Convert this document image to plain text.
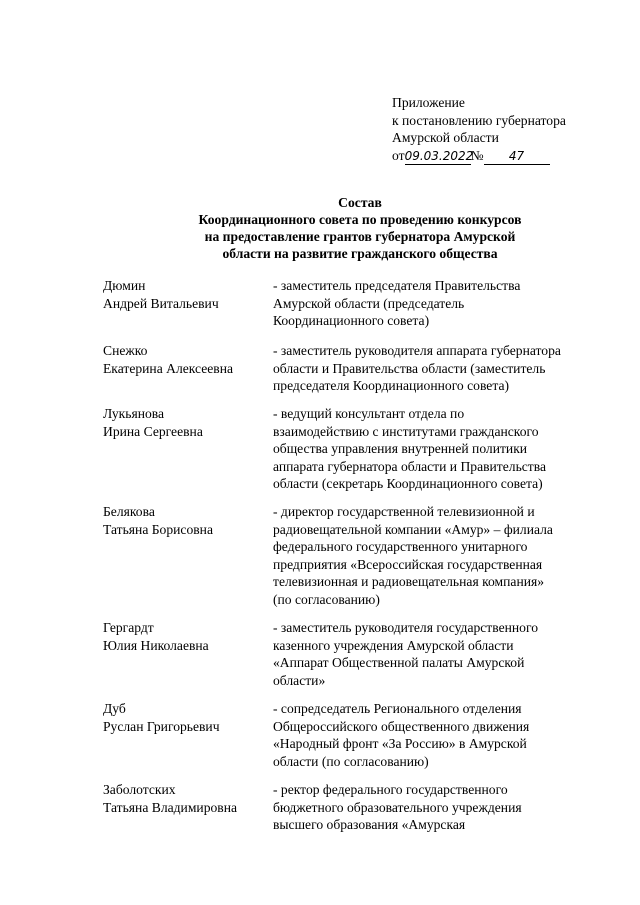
Приложение
к постановлению губернатора
Амурской области
от09.03.2022№ 47
Состав
Координационного совета по проведению конкурсов
на предоставление грантов губернатора Амурской
области на развитие гражданского общества
Дюмин
Андрей Витальевич
- заместитель председателя Правительства
Амурской области (председатель
Координационного совета)
Снежко
Екатерина Алексеевна
- заместитель руководителя аппарата губернатора
области и Правительства области (заместитель
председателя Координационного совета)
Лукьянова
Ирина Сергеевна
- ведущий консультант отдела по
взаимодействию с институтами гражданского
общества управления внутренней политики
аппарата губернатора области и Правительства
области (секретарь Координационного совета)
Белякова
Татьяна Борисовна
- директор государственной телевизионной и
радиовещательной компании «Амур» – филиала
федерального государственного унитарного
предприятия «Всероссийская государственная
телевизионная и радиовещательная компания»
(по согласованию)
Гергардт
Юлия Николаевна
- заместитель руководителя государственного
казенного учреждения Амурской области
«Аппарат Общественной палаты Амурской
области»
Дуб
Руслан Григорьевич
- сопредседатель Регионального отделения
Общероссийского общественного движения
«Народный фронт «За Россию» в Амурской
области (по согласованию)
Заболотских
Татьяна Владимировна
- ректор федерального государственного
бюджетного образовательного учреждения
высшего образования «Амурская
